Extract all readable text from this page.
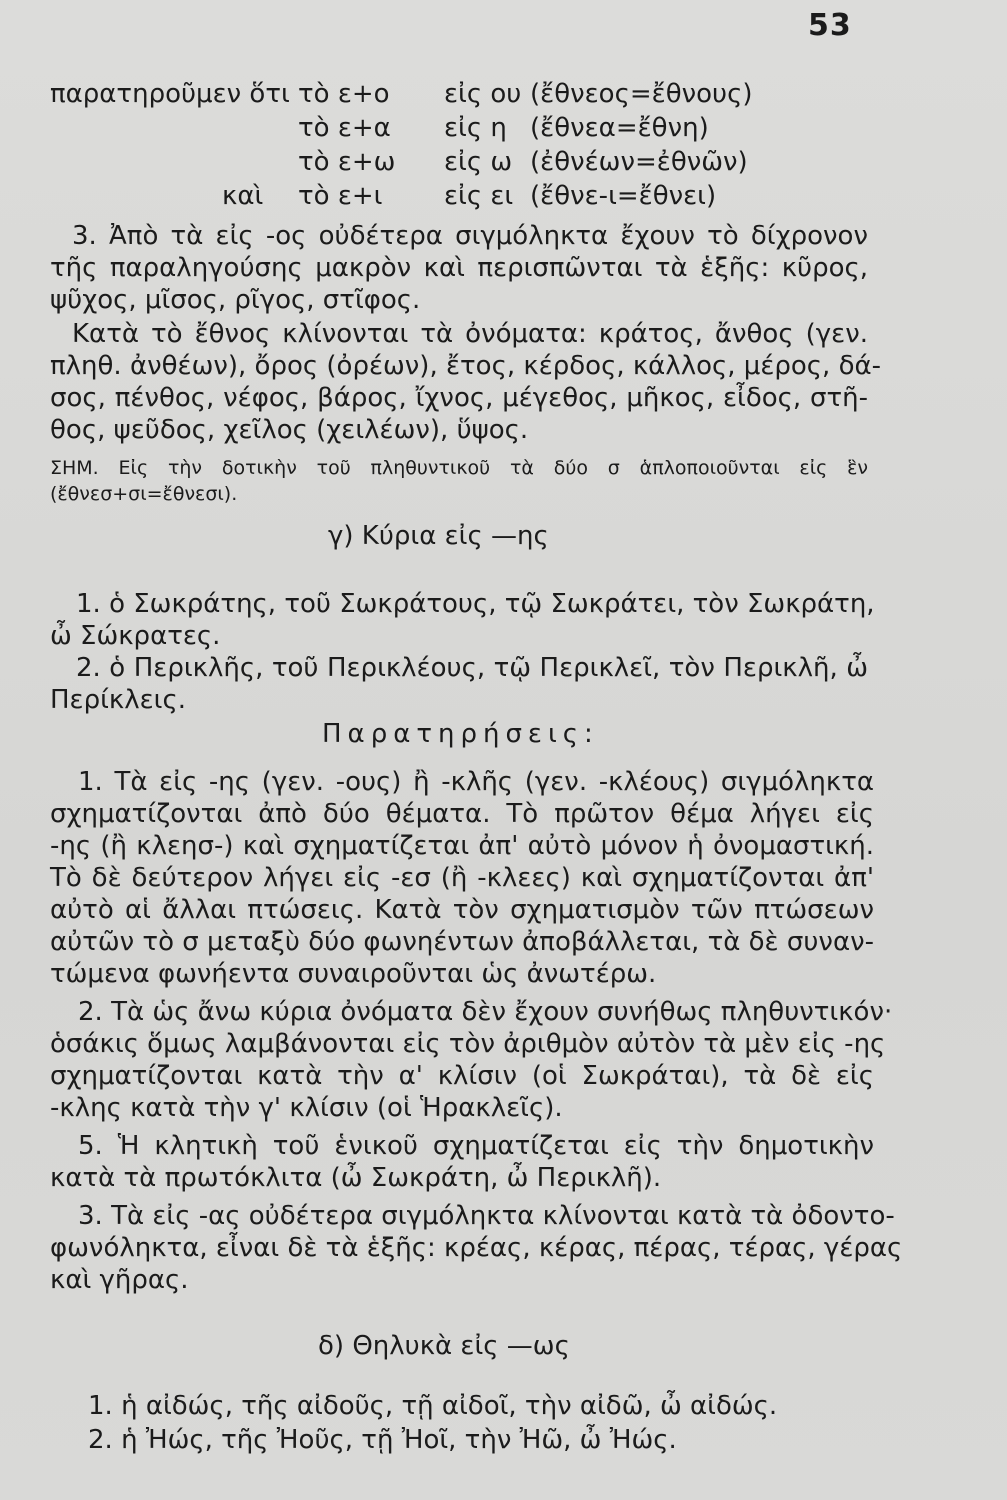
53
παρατηροῦμεν ὅτι τὸ ε+ο εἰς ου (ἔθνεος=ἔθνους)
τὸ ε+α εἰς η (ἔθνεα=ἔθνη)
τὸ ε+ω εἰς ω (ἐθνέων=ἐθνῶν)
καὶ τὸ ε+ι εἰς ει (ἔθνε-ι=ἔθνει)
3. Ἀπὸ τὰ εἰς -ος οὐδέτερα σιγμόληκτα ἔχουν τὸ δίχρονον
τῆς παραληγούσης μακρὸν καὶ περισπῶνται τὰ ἑξῆς: κῦρος,
ψῦχος, μῖσος, ρῖγος, στῖφος.
Κατὰ τὸ ἔθνος κλίνονται τὰ ὀνόματα: κράτος, ἄνθος (γεν.
πληθ. ἀνθέων), ὄρος (ὀρέων), ἔτος, κέρδος, κάλλος, μέρος, δά-
σος, πένθος, νέφος, βάρος, ἴχνος, μέγεθος, μῆκος, εἶδος, στῆ-
θος, ψεῦδος, χεῖλος (χειλέων), ὕψος.
ΣΗΜ. Εἰς τὴν δοτικὴν τοῦ πληθυντικοῦ τὰ δύο σ ἁπλοποιοῦνται εἰς ἓν
(ἔθνεσ+σι=ἔθνεσι).
γ) Κύρια εἰς —ης
1. ὁ Σωκράτης, τοῦ Σωκράτους, τῷ Σωκράτει, τὸν Σωκράτη,
ὦ Σώκρατες.
2. ὁ Περικλῆς, τοῦ Περικλέους, τῷ Περικλεῖ, τὸν Περικλῆ, ὦ
Περίκλεις.
Παρατηρήσεις:
1. Τὰ εἰς -ης (γεν. -ους) ἢ -κλῆς (γεν. -κλέους) σιγμόληκτα
σχηματίζονται ἀπὸ δύο θέματα. Τὸ πρῶτον θέμα λήγει εἰς
-ης (ἢ κλεησ-) καὶ σχηματίζεται ἀπ' αὐτὸ μόνον ἡ ὀνομαστική.
Τὸ δὲ δεύτερον λήγει εἰς -εσ (ἢ -κλεες) καὶ σχηματίζονται ἀπ'
αὐτὸ αἱ ἄλλαι πτώσεις. Κατὰ τὸν σχηματισμὸν τῶν πτώσεων
αὐτῶν τὸ σ μεταξὺ δύο φωνηέντων ἀποβάλλεται, τὰ δὲ συναν-
τώμενα φωνήεντα συναιροῦνται ὡς ἀνωτέρω.
2. Τὰ ὡς ἄνω κύρια ὀνόματα δὲν ἔχουν συνήθως πληθυντικόν·
ὁσάκις ὅμως λαμβάνονται εἰς τὸν ἀριθμὸν αὐτὸν τὰ μὲν εἰς -ης
σχηματίζονται κατὰ τὴν α' κλίσιν (οἱ Σωκράται), τὰ δὲ εἰς
-κλης κατὰ τὴν γ' κλίσιν (οἱ Ἡρακλεῖς).
5. Ἡ κλητικὴ τοῦ ἑνικοῦ σχηματίζεται εἰς τὴν δημοτικὴν
κατὰ τὰ πρωτόκλιτα (ὦ Σωκράτη, ὦ Περικλῆ).
3. Τὰ εἰς -ας οὐδέτερα σιγμόληκτα κλίνονται κατὰ τὰ ὀδοντο-
φωνόληκτα, εἶναι δὲ τὰ ἑξῆς: κρέας, κέρας, πέρας, τέρας, γέρας
καὶ γῆρας.
δ) Θηλυκὰ εἰς —ως
1. ἡ αἰδώς, τῆς αἰδοῦς, τῇ αἰδοῖ, τὴν αἰδῶ, ὦ αἰδώς.
2. ἡ Ἠώς, τῆς Ἠοῦς, τῇ Ἠοῖ, τὴν Ἠῶ, ὦ Ἠώς.
